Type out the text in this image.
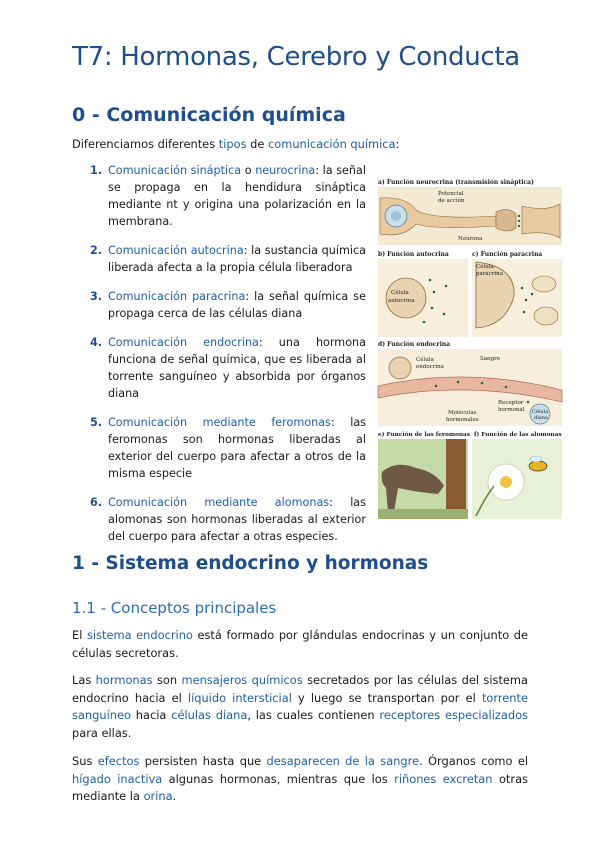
T7: Hormonas, Cerebro y Conducta
0 - Comunicación química
Diferenciamos diferentes tipos de comunicación química:
1. Comunicación sináptica o neurocrina: la señal se propaga en la hendidura sináptica mediante nt y origina una polarización en la membrana.
2. Comunicación autocrina: la sustancia química liberada afecta a la propia célula liberadora
3. Comunicación paracrina: la señal química se propaga cerca de las células diana
4. Comunicación endocrina: una hormona funciona de señal química, que es liberada al torrente sanguíneo y absorbida por órganos diana
5. Comunicación mediante feromonas: las feromonas son hormonas liberadas al exterior del cuerpo para afectar a otros de la misma especie
6. Comunicación mediante alomonas: las alomonas son hormonas liberadas al exterior del cuerpo para afectar a otras especies.
a) Función neurocrina (transmisión sináptica)
Potencial
de acción
Neurona
b) Función autocrina	c) Función paracrina
Célula
autocrina
Célula
paracrina
d) Función endocrina
Célula
endocrina
Sangre
Receptor
hormonal
Moléculas
hormonales
Célula
diana
e) Función de las feromonas f) Función de las alomonas
1 - Sistema endocrino y hormonas
1.1 - Conceptos principales
El sistema endocrino está formado por glándulas endocrinas y un conjunto de células secretoras.
Las hormonas son mensajeros químicos secretados por las células del sistema endocrino hacia el líquido intersticial y luego se transportan por el torrente sanguíneo hacia células diana, las cuales contienen receptores especializados para ellas.
Sus efectos persisten hasta que desaparecen de la sangre. Órganos como el hígado inactiva algunas hormonas, mientras que los riñones excretan otras mediante la orina.
